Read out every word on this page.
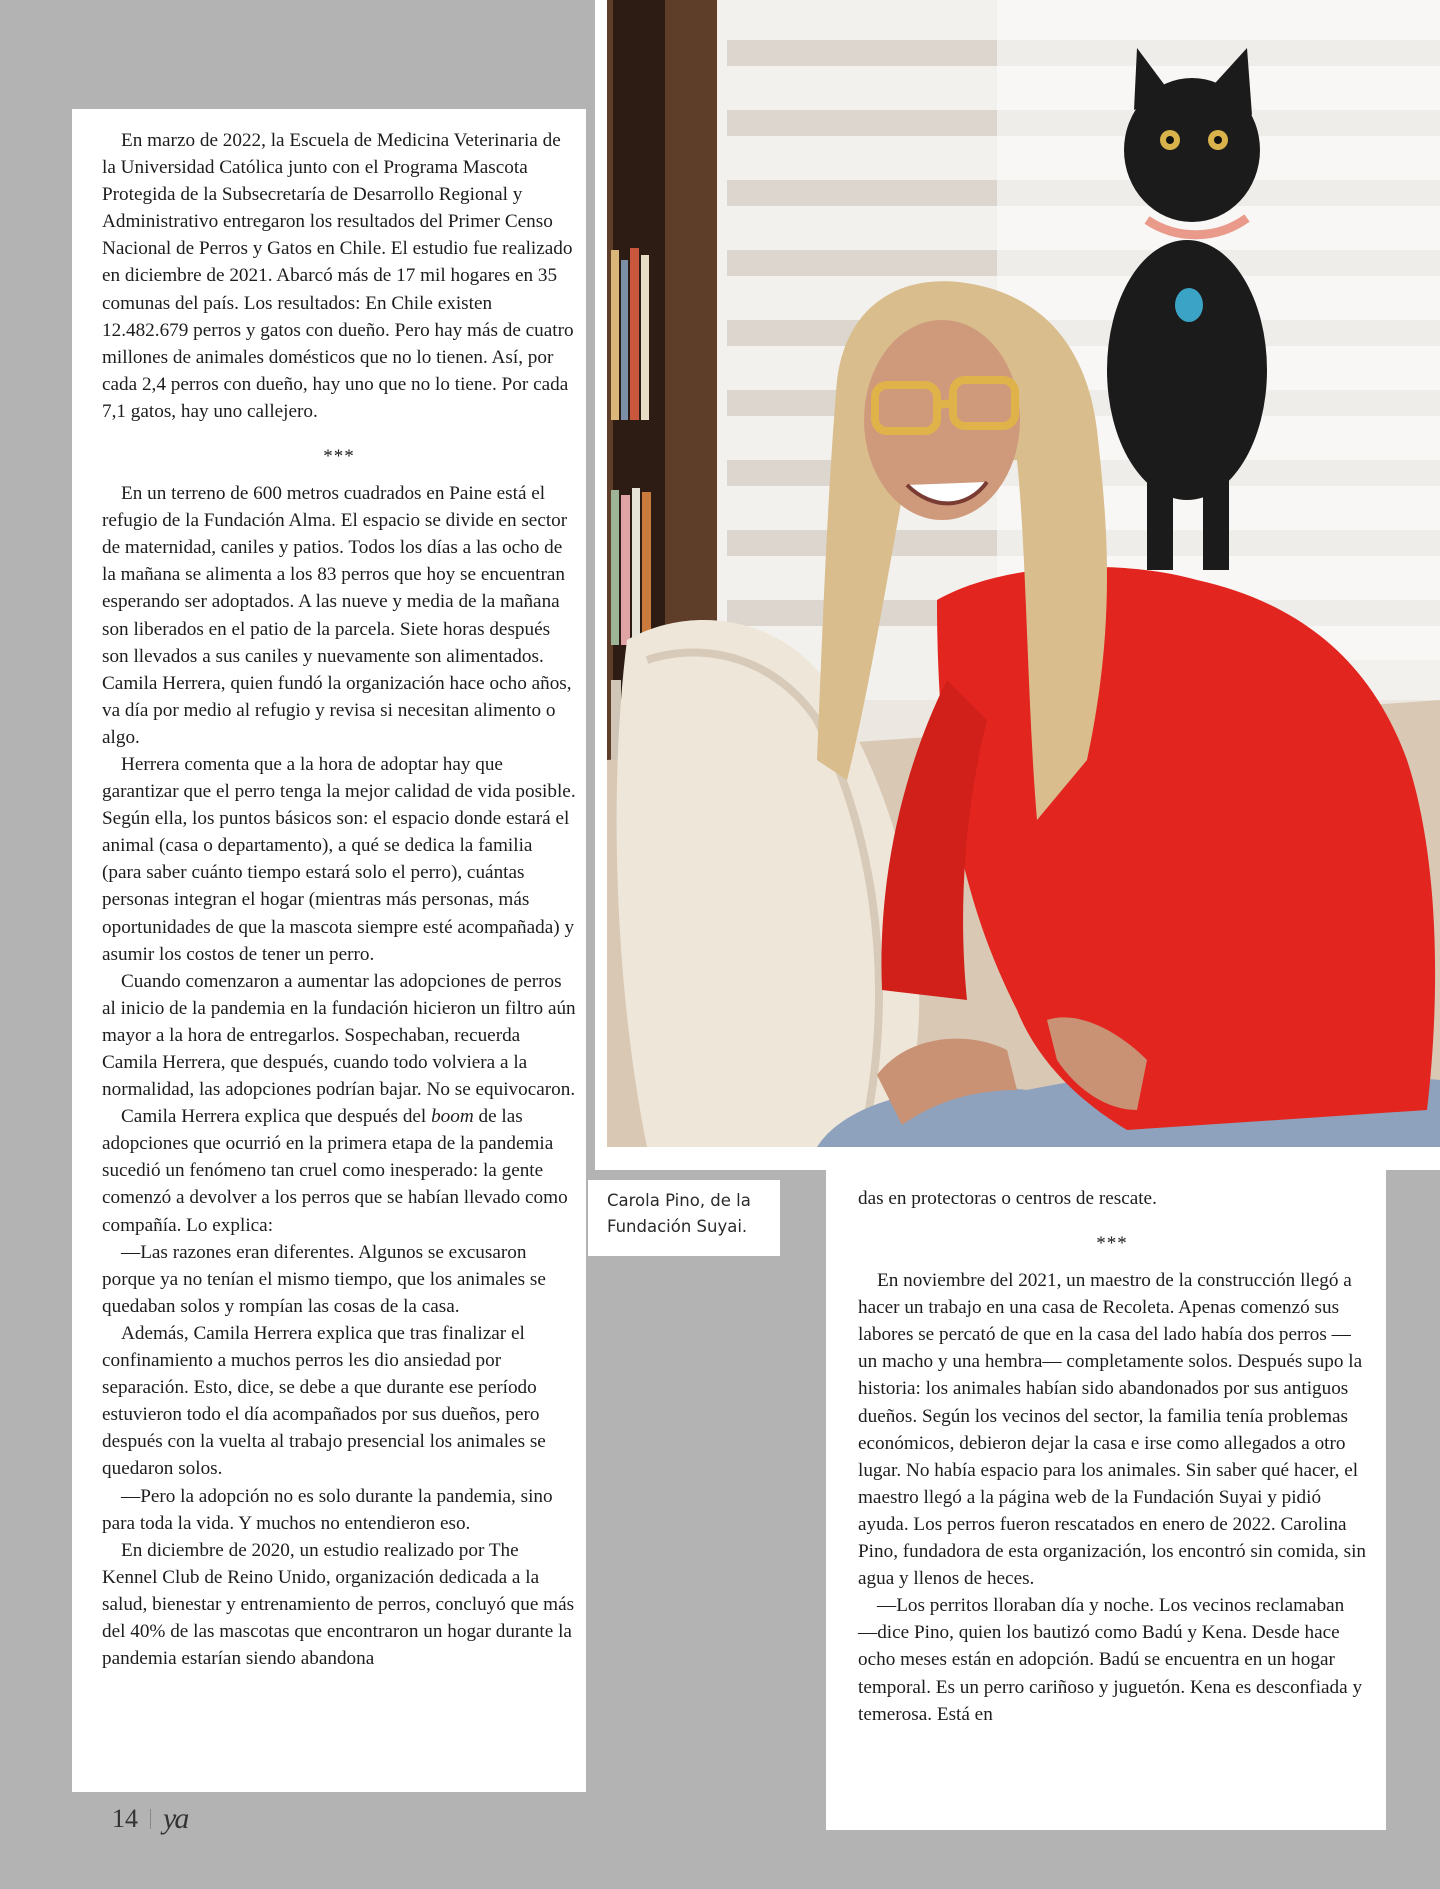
En marzo de 2022, la Escuela de Medicina Veterinaria de la Universidad Católica junto con el Programa Mascota Protegida de la Subsecretaría de Desarrollo Regional y Administrativo entregaron los resultados del Primer Censo Nacional de Perros y Gatos en Chile. El estudio fue realizado en diciembre de 2021. Abarcó más de 17 mil hogares en 35 comunas del país. Los resultados: En Chile existen 12.482.679 perros y gatos con dueño. Pero hay más de cuatro millones de animales domésticos que no lo tienen. Así, por cada 2,4 perros con dueño, hay uno que no lo tiene. Por cada 7,1 gatos, hay uno callejero.

***

En un terreno de 600 metros cuadrados en Paine está el refugio de la Fundación Alma. El espacio se divide en sector de maternidad, caniles y patios. Todos los días a las ocho de la mañana se alimenta a los 83 perros que hoy se encuentran esperando ser adoptados. A las nueve y media de la mañana son liberados en el patio de la parcela. Siete horas después son llevados a sus caniles y nuevamente son alimentados. Camila Herrera, quien fundó la organización hace ocho años, va día por medio al refugio y revisa si necesitan alimento o algo.

Herrera comenta que a la hora de adoptar hay que garantizar que el perro tenga la mejor calidad de vida posible. Según ella, los puntos básicos son: el espacio donde estará el animal (casa o departamento), a qué se dedica la familia (para saber cuánto tiempo estará solo el perro), cuántas personas integran el hogar (mientras más personas, más oportunidades de que la mascota siempre esté acompañada) y asumir los costos de tener un perro.

Cuando comenzaron a aumentar las adopciones de perros al inicio de la pandemia en la fundación hicieron un filtro aún mayor a la hora de entregarlos. Sospechaban, recuerda Camila Herrera, que después, cuando todo volviera a la normalidad, las adopciones podrían bajar. No se equivocaron.

Camila Herrera explica que después del boom de las adopciones que ocurrió en la primera etapa de la pandemia sucedió un fenómeno tan cruel como inesperado: la gente comenzó a devolver a los perros que se habían llevado como compañía. Lo explica:

—Las razones eran diferentes. Algunos se excusaron porque ya no tenían el mismo tiempo, que los animales se quedaban solos y rompían las cosas de la casa.

Además, Camila Herrera explica que tras finalizar el confinamiento a muchos perros les dio ansiedad por separación. Esto, dice, se debe a que durante ese período estuvieron todo el día acompañados por sus dueños, pero después con la vuelta al trabajo presencial los animales se quedaron solos.

—Pero la adopción no es solo durante la pandemia, sino para toda la vida. Y muchos no entendieron eso.

En diciembre de 2020, un estudio realizado por The Kennel Club de Reino Unido, organización dedicada a la salud, bienestar y entrenamiento de perros, concluyó que más del 40% de las mascotas que encontraron un hogar durante la pandemia estarían siendo abandona

Carola Pino, de la
Fundación Suyai.

das en protectoras o centros de rescate.

***

En noviembre del 2021, un maestro de la construcción llegó a hacer un trabajo en una casa de Recoleta. Apenas comenzó sus labores se percató de que en la casa del lado había dos perros —un macho y una hembra— completamente solos. Después supo la historia: los animales habían sido abandonados por sus antiguos dueños. Según los vecinos del sector, la familia tenía problemas económicos, debieron dejar la casa e irse como allegados a otro lugar. No había espacio para los animales. Sin saber qué hacer, el maestro llegó a la página web de la Fundación Suyai y pidió ayuda. Los perros fueron rescatados en enero de 2022. Carolina Pino, fundadora de esta organización, los encontró sin comida, sin agua y llenos de heces.

—Los perritos lloraban día y noche. Los vecinos reclamaban —dice Pino, quien los bautizó como Badú y Kena. Desde hace ocho meses están en adopción. Badú se encuentra en un hogar temporal. Es un perro cariñoso y juguetón. Kena es desconfiada y temerosa. Está en

14 ya
